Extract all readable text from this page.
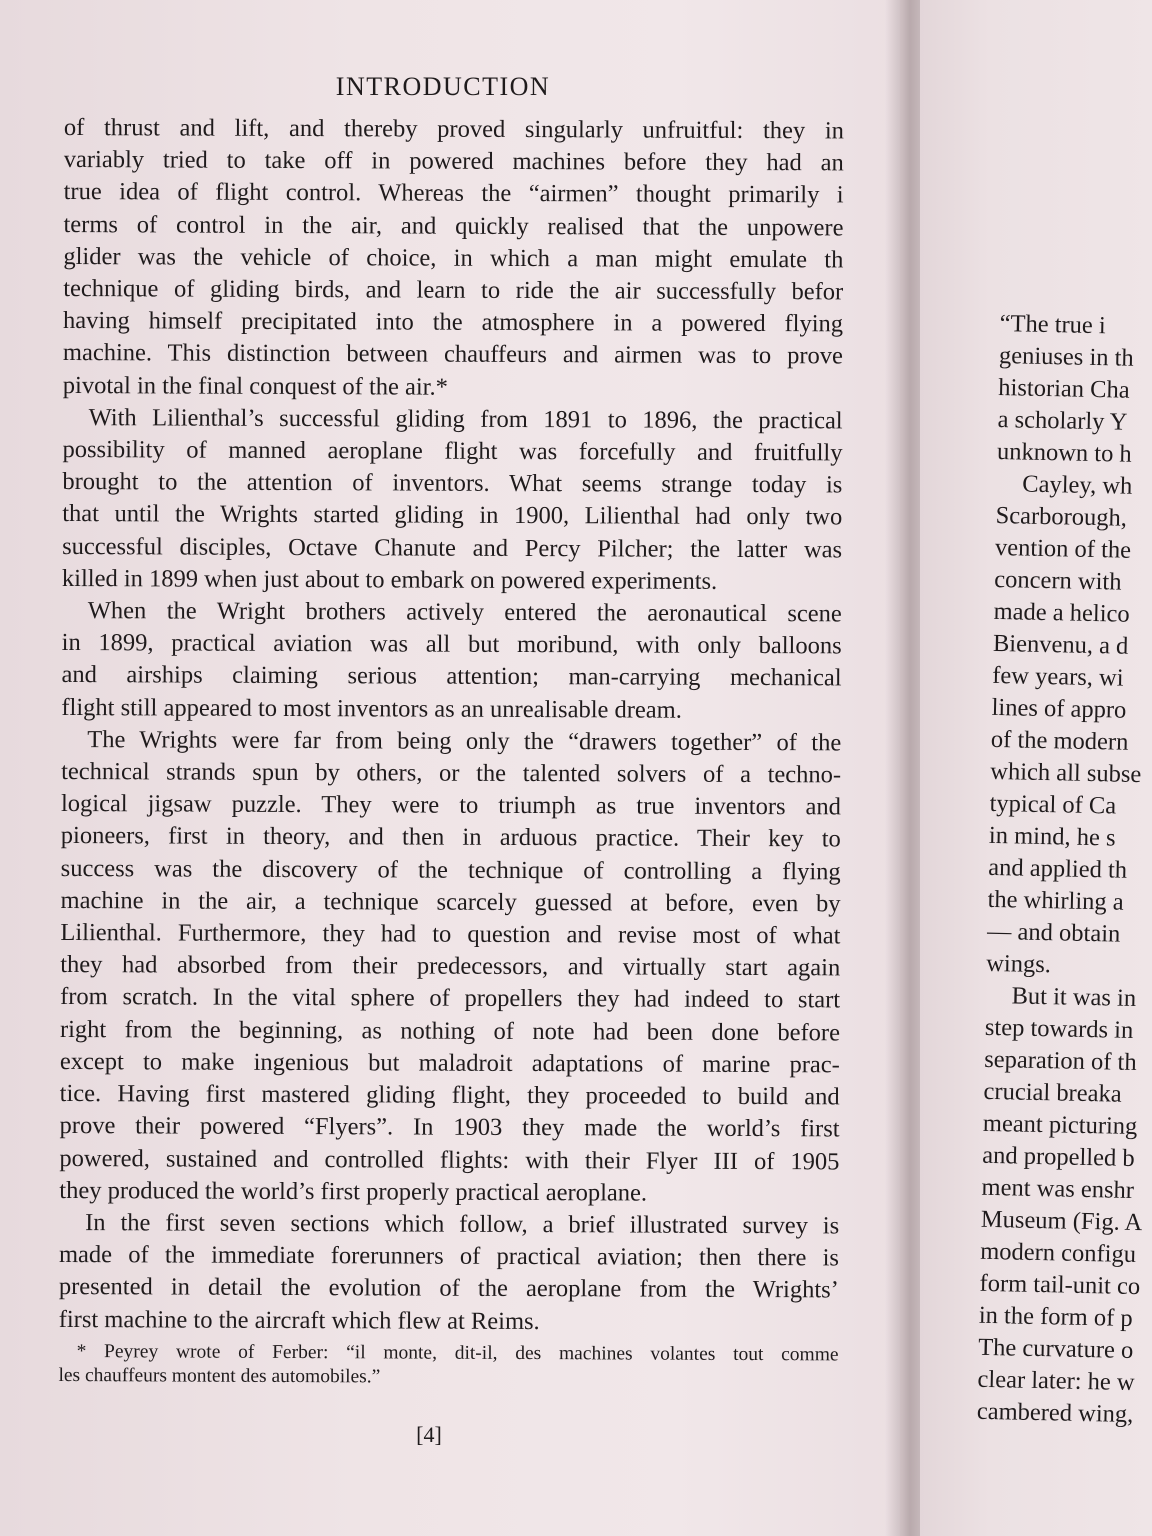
INTRODUCTION
of thrust and lift, and thereby proved singularly unfruitful: they in
variably tried to take off in powered machines before they had an
true idea of flight control. Whereas the “airmen” thought primarily i
terms of control in the air, and quickly realised that the unpowere
glider was the vehicle of choice, in which a man might emulate th
technique of gliding birds, and learn to ride the air successfully befor
having himself precipitated into the atmosphere in a powered flying
machine. This distinction between chauffeurs and airmen was to prove
pivotal in the final conquest of the air.*
With Lilienthal’s successful gliding from 1891 to 1896, the practical
possibility of manned aeroplane flight was forcefully and fruitfully
brought to the attention of inventors. What seems strange today is
that until the Wrights started gliding in 1900, Lilienthal had only two
successful disciples, Octave Chanute and Percy Pilcher; the latter was
killed in 1899 when just about to embark on powered experiments.
When the Wright brothers actively entered the aeronautical scene
in 1899, practical aviation was all but moribund, with only balloons
and airships claiming serious attention; man-carrying mechanical
flight still appeared to most inventors as an unrealisable dream.
The Wrights were far from being only the “drawers together” of the
technical strands spun by others, or the talented solvers of a techno-
logical jigsaw puzzle. They were to triumph as true inventors and
pioneers, first in theory, and then in arduous practice. Their key to
success was the discovery of the technique of controlling a flying
machine in the air, a technique scarcely guessed at before, even by
Lilienthal. Furthermore, they had to question and revise most of what
they had absorbed from their predecessors, and virtually start again
from scratch. In the vital sphere of propellers they had indeed to start
right from the beginning, as nothing of note had been done before
except to make ingenious but maladroit adaptations of marine prac-
tice. Having first mastered gliding flight, they proceeded to build and
prove their powered “Flyers”. In 1903 they made the world’s first
powered, sustained and controlled flights: with their Flyer III of 1905
they produced the world’s first properly practical aeroplane.
In the first seven sections which follow, a brief illustrated survey is
made of the immediate forerunners of practical aviation; then there is
presented in detail the evolution of the aeroplane from the Wrights’
first machine to the aircraft which flew at Reims.
* Peyrey wrote of Ferber: “il monte, dit-il, des machines volantes tout comme
les chauffeurs montent des automobiles.”
[4]
“The true i
geniuses in th
historian Cha
a scholarly Y
unknown to h
Cayley, wh
Scarborough,
vention of the
concern with
made a helico
Bienvenu, a d
few years, wi
lines of appro
of the modern
which all subse
typical of Ca
in mind, he s
and applied th
the whirling a
— and obtain
wings.
But it was in
step towards in
separation of th
crucial breaka
meant picturing
and propelled b
ment was enshr
Museum (Fig. A
modern configu
form tail-unit co
in the form of p
The curvature o
clear later: he w
cambered wing,
